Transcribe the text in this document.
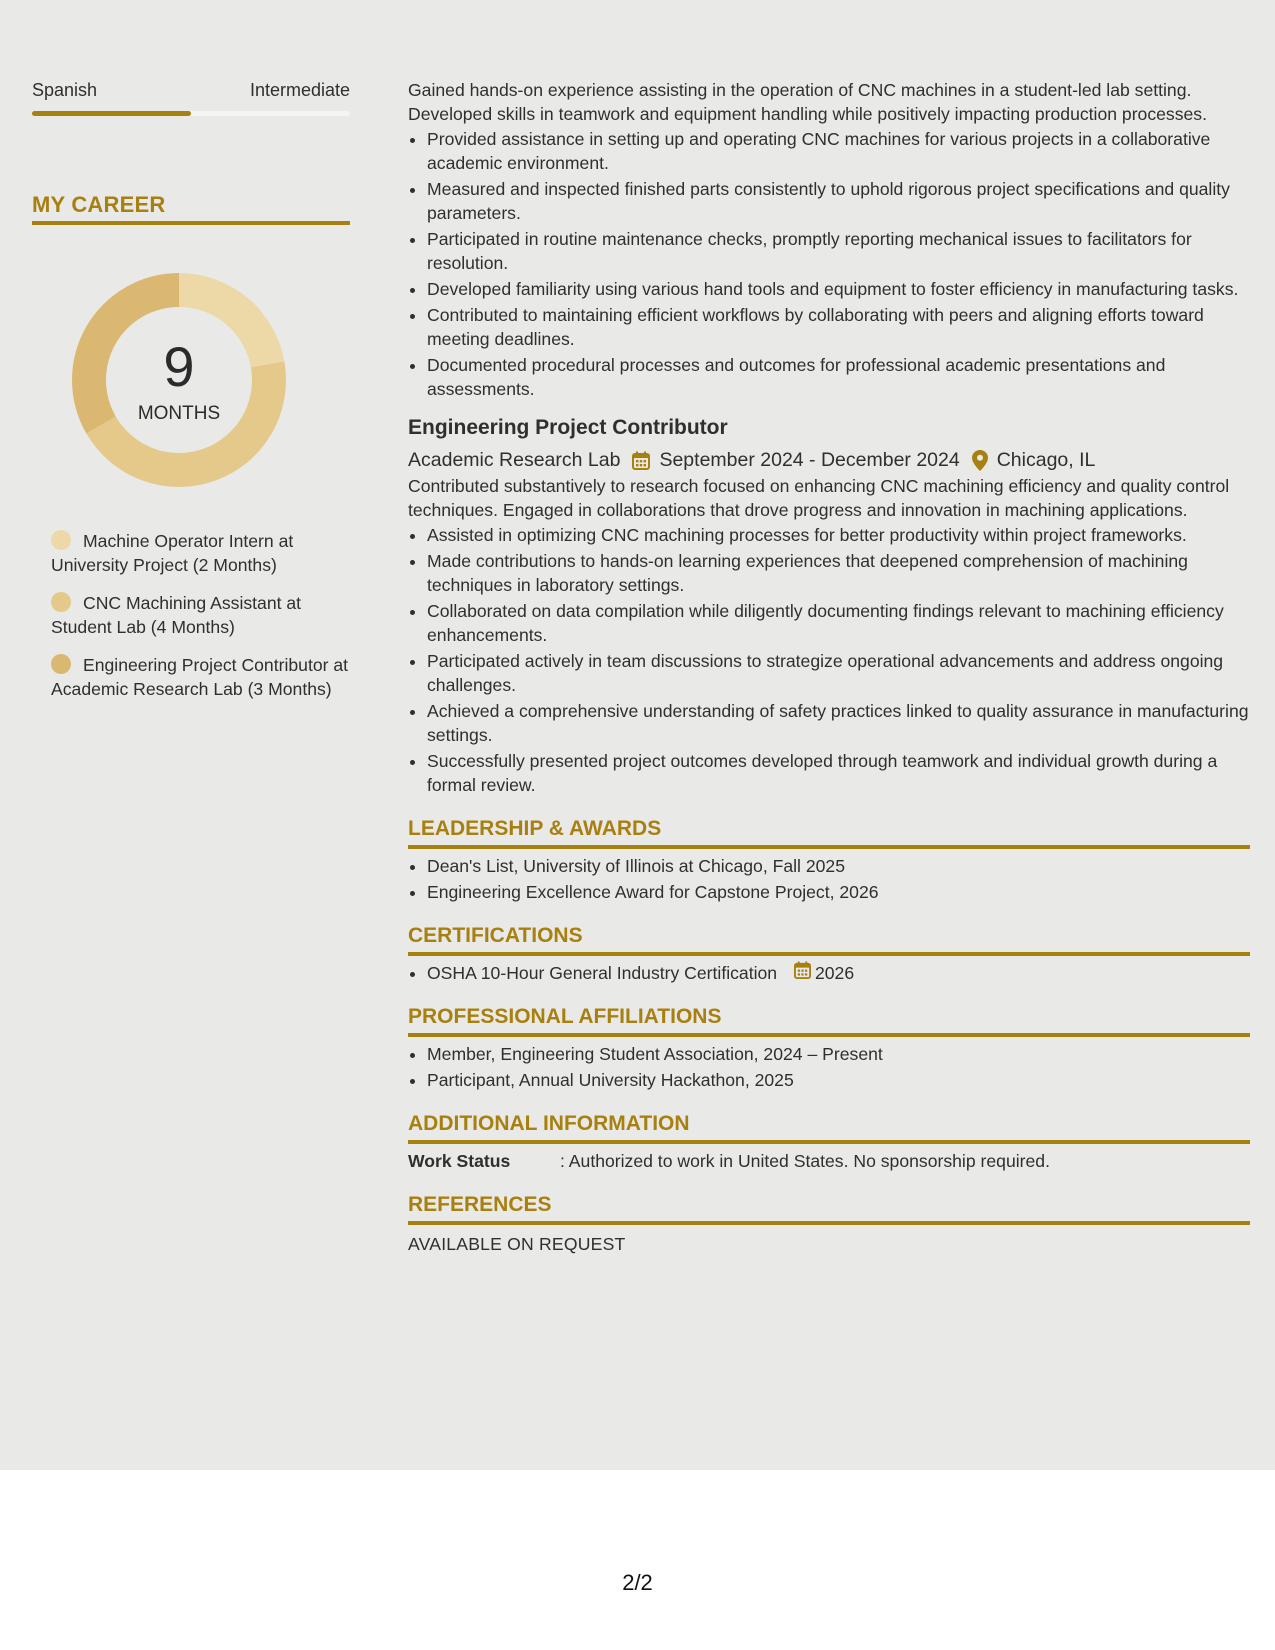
Spanish	Intermediate
MY CAREER
9
MONTHS
Machine Operator Intern at University Project (2 Months)
CNC Machining Assistant at Student Lab (4 Months)
Engineering Project Contributor at Academic Research Lab (3 Months)

Gained hands-on experience assisting in the operation of CNC machines in a student-led lab setting. Developed skills in teamwork and equipment handling while positively impacting production processes.

• Provided assistance in setting up and operating CNC machines for various projects in a collaborative academic environment.
• Measured and inspected finished parts consistently to uphold rigorous project specifications and quality parameters.
• Participated in routine maintenance checks, promptly reporting mechanical issues to facilitators for resolution.
• Developed familiarity using various hand tools and equipment to foster efficiency in manufacturing tasks.
• Contributed to maintaining efficient workflows by collaborating with peers and aligning efforts toward meeting deadlines.
• Documented procedural processes and outcomes for professional academic presentations and assessments.
Engineering Project Contributor
Academic Research Lab September 2024 - December 2024 Chicago, IL

Contributed substantively to research focused on enhancing CNC machining efficiency and quality control techniques. Engaged in collaborations that drove progress and innovation in machining applications.

• Assisted in optimizing CNC machining processes for better productivity within project frameworks.
• Made contributions to hands-on learning experiences that deepened comprehension of machining techniques in laboratory settings.
• Collaborated on data compilation while diligently documenting findings relevant to machining efficiency enhancements.
• Participated actively in team discussions to strategize operational advancements and address ongoing challenges.
• Achieved a comprehensive understanding of safety practices linked to quality assurance in manufacturing settings.
• Successfully presented project outcomes developed through teamwork and individual growth during a formal review.
LEADERSHIP & AWARDS
• Dean's List, University of Illinois at Chicago, Fall 2025
• Engineering Excellence Award for Capstone Project, 2026
CERTIFICATIONS
• OSHA 10-Hour General Industry Certification 2026
PROFESSIONAL AFFILIATIONS
• Member, Engineering Student Association, 2024 – Present
• Participant, Annual University Hackathon, 2025
ADDITIONAL INFORMATION
Work Status	: Authorized to work in United States. No sponsorship required.
REFERENCES
AVAILABLE ON REQUEST
2/2
